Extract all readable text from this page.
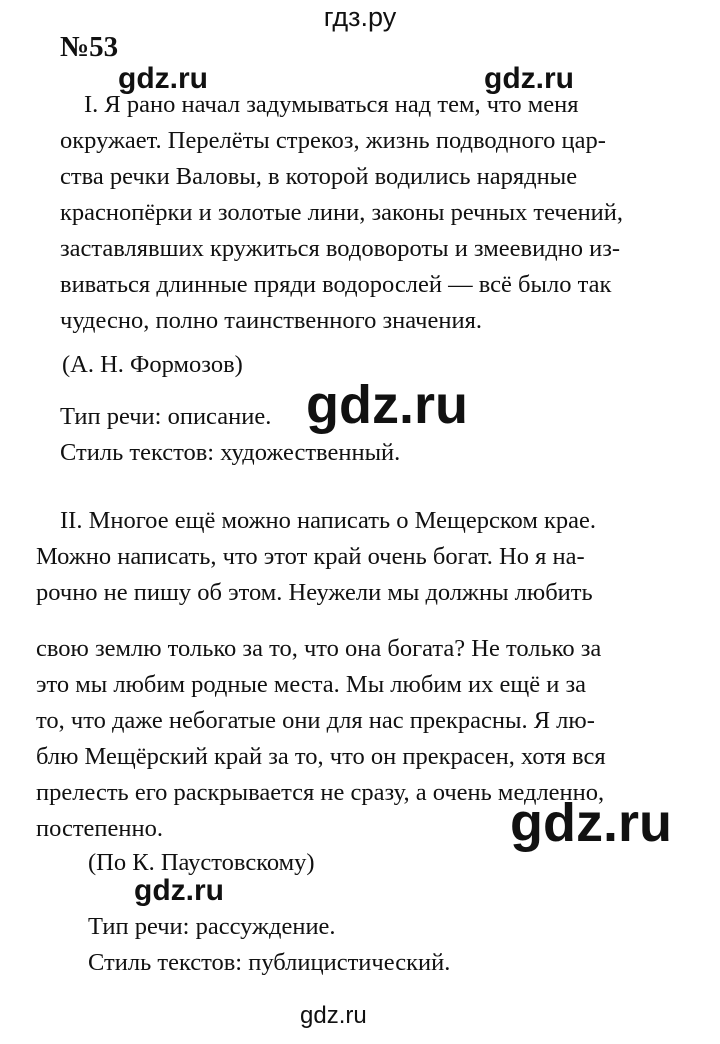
гдз.ру
№53
gdz.ru	gdz.ru
gdz.ru
gdz.ru
gdz.ru
gdz.ru
I. Я рано начал задумываться над тем, что меня
окружает. Перелёты стрекоз, жизнь подводного цар-
ства речки Валовы, в которой водились нарядные
краснопёрки и золотые лини, законы речных течений,
заставлявших кружиться водовороты и змеевидно из-
виваться длинные пряди водорослей — всё было так
чудесно, полно таинственного значения.
(А. Н. Формозов)
Тип речи: описание.
Стиль текстов: художественный.
II. Многое ещё можно написать о Мещерском крае.
Можно написать, что этот край очень богат. Но я на-
рочно не пишу об этом. Неужели мы должны любить
свою землю только за то, что она богата? Не только за
это мы любим родные места. Мы любим их ещё и за
то, что даже небогатые они для нас прекрасны. Я лю-
блю Мещёрский край за то, что он прекрасен, хотя вся
прелесть его раскрывается не сразу, а очень медленно,
постепенно.
(По К. Паустовскому)
Тип речи: рассуждение.
Стиль текстов: публицистический.
